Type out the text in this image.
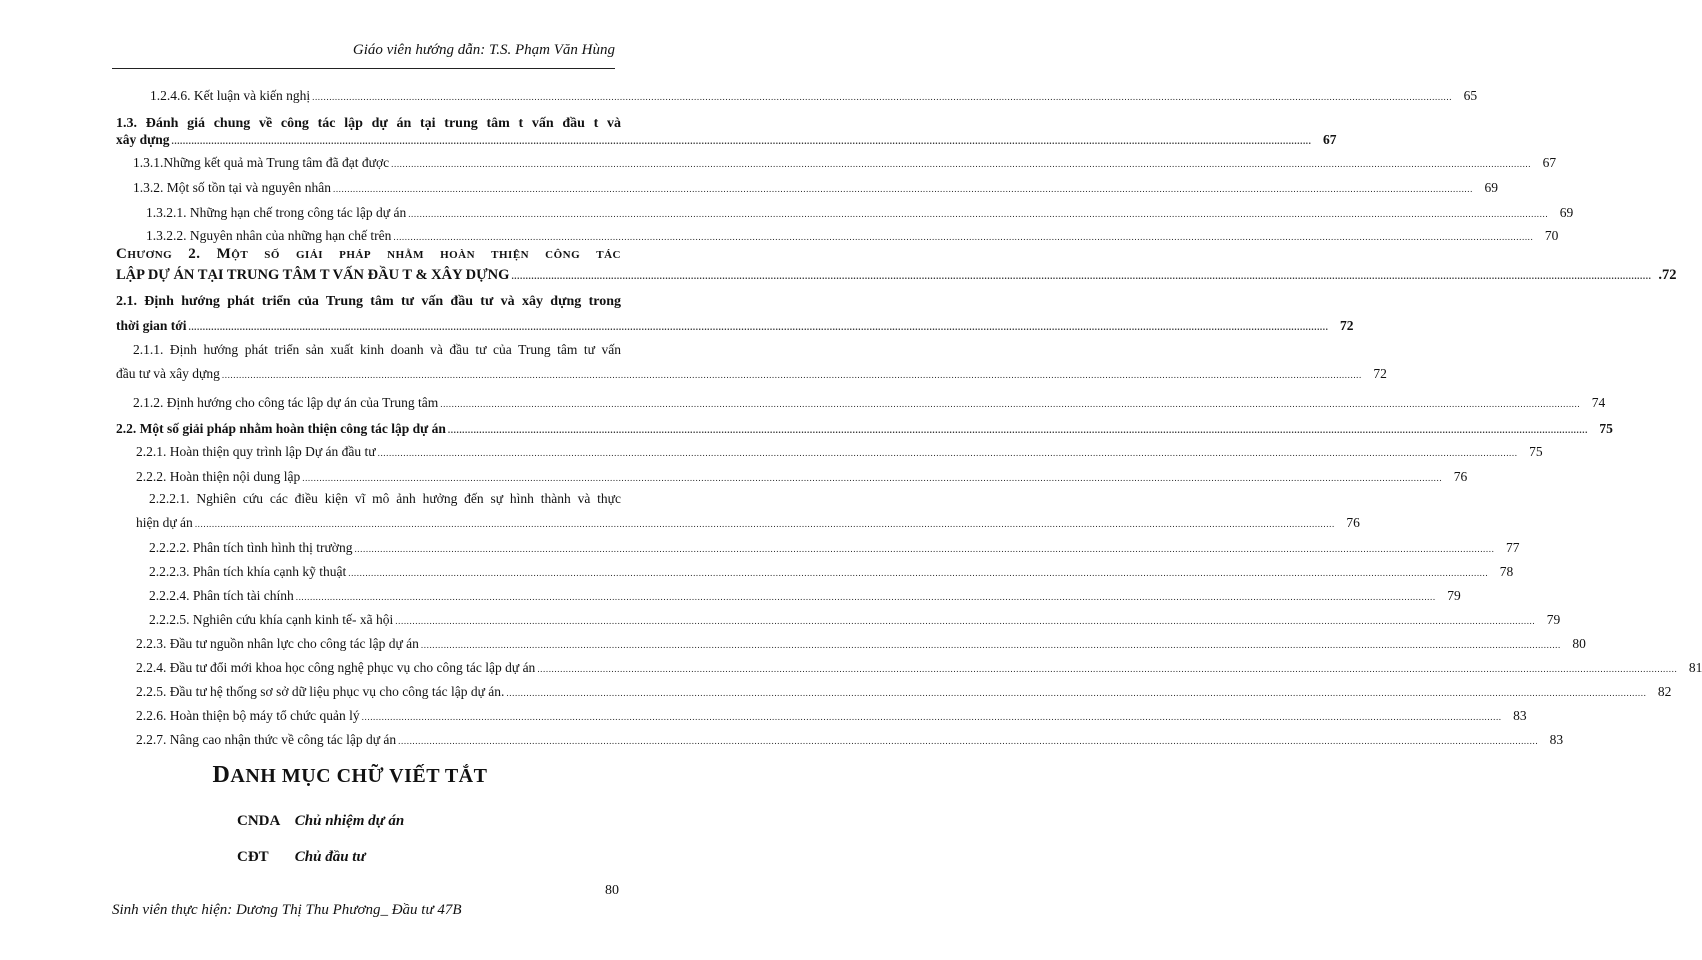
Giáo viên hướng dẫn: T.S. Phạm Văn Hùng
1.2.4.6. Kết luận và kiến nghị ................................................................................................................................................................................................................................................................................................................................................................................................................ 65
1.3. Đánh giá chung về công tác lập dự án tại trung tâm t vấn đầu t và
xây dựng ................................................................................................................................................................................................................................................................................................................................................................................................................ 67
1.3.1.Những kết quả mà Trung tâm đã đạt được ................................................................................................................................................................................................................................................................................................................................................................................................................ 67
1.3.2. Một số tồn tại và nguyên nhân ................................................................................................................................................................................................................................................................................................................................................................................................................ 69
1.3.2.1. Những hạn chế trong công tác lập dự án ................................................................................................................................................................................................................................................................................................................................................................................................................ 69
1.3.2.2. Nguyên nhân của những hạn chế trên ................................................................................................................................................................................................................................................................................................................................................................................................................ 70
Chương 2. Một số giải pháp nhằm hoàn thiện công tác
LẬP DỰ ÁN TẠI TRUNG TÂM T VẤN ĐẦU T & XÂY DỰNG ................................................................................................................................................................................................................................................................................................................................................................................................................ .72
2.1. Định hướng phát triển của Trung tâm tư vấn đầu tư và xây dựng trong
thời gian tới ................................................................................................................................................................................................................................................................................................................................................................................................................ 72
2.1.1. Định hướng phát triển sản xuất kinh doanh và đầu tư của Trung tâm tư vấn
đầu tư và xây dựng ................................................................................................................................................................................................................................................................................................................................................................................................................ 72
2.1.2. Định hướng cho công tác lập dự án của Trung tâm ................................................................................................................................................................................................................................................................................................................................................................................................................ 74
2.2. Một số giải pháp nhằm hoàn thiện công tác lập dự án ................................................................................................................................................................................................................................................................................................................................................................................................................ 75
2.2.1. Hoàn thiện quy trình lập Dự án đầu tư ................................................................................................................................................................................................................................................................................................................................................................................................................ 75
2.2.2. Hoàn thiện nội dung lập ................................................................................................................................................................................................................................................................................................................................................................................................................ 76
2.2.2.1. Nghiên cứu các điều kiện vĩ mô ảnh hưởng đến sự hình thành và thực
hiện dự án ................................................................................................................................................................................................................................................................................................................................................................................................................ 76
2.2.2.2. Phân tích tình hình thị trường ................................................................................................................................................................................................................................................................................................................................................................................................................ 77
2.2.2.3. Phân tích khía cạnh kỹ thuật ................................................................................................................................................................................................................................................................................................................................................................................................................ 78
2.2.2.4. Phân tích tài chính ................................................................................................................................................................................................................................................................................................................................................................................................................ 79
2.2.2.5. Nghiên cứu khía cạnh kinh tế- xã hội ................................................................................................................................................................................................................................................................................................................................................................................................................ 79
2.2.3. Đầu tư nguồn nhân lực cho công tác lập dự án ................................................................................................................................................................................................................................................................................................................................................................................................................ 80
2.2.4. Đầu tư đổi mới khoa học công nghệ phục vụ cho công tác lập dự án ................................................................................................................................................................................................................................................................................................................................................................................................................ 81
2.2.5. Đầu tư hệ thống sơ sở dữ liệu phục vụ cho công tác lập dự án. ................................................................................................................................................................................................................................................................................................................................................................................................................ 82
2.2.6. Hoàn thiện bộ máy tổ chức quản lý ................................................................................................................................................................................................................................................................................................................................................................................................................ 83
2.2.7. Nâng cao nhận thức về công tác lập dự án ................................................................................................................................................................................................................................................................................................................................................................................................................ 83
DANH MỤC CHỮ VIẾT TẮT
CNDA Chủ nhiệm dự án
CĐT Chủ đầu tư
80
Sinh viên thực hiện: Dương Thị Thu Phương_ Đầu tư 47B
